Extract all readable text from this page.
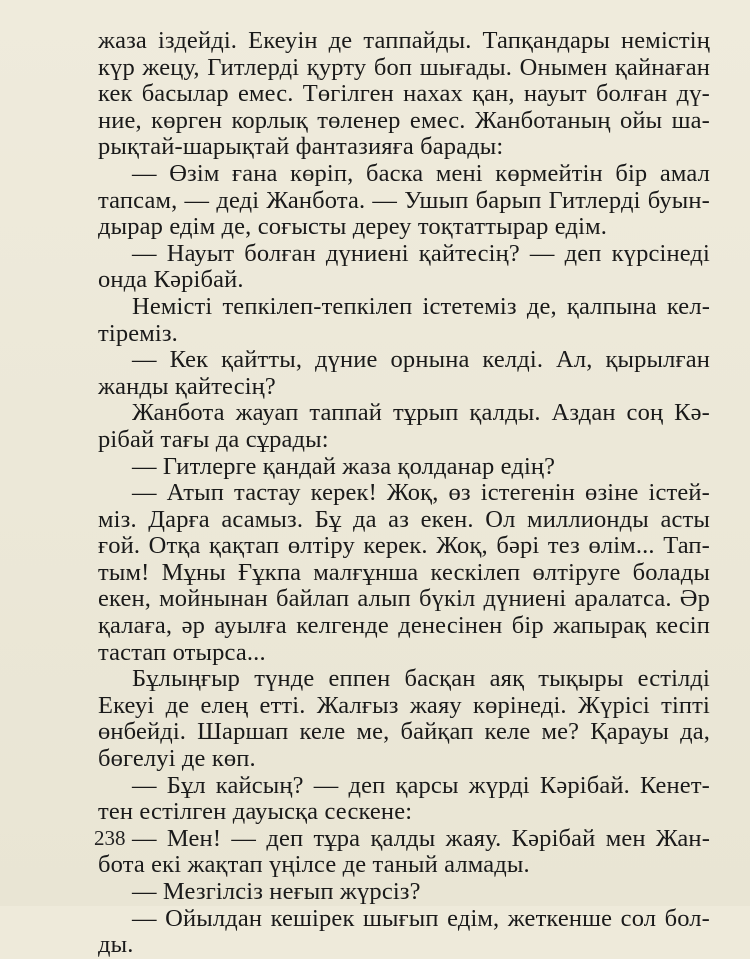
жаза іздейді. Екеуін де таппайды. Тапқандары немістің
күр жецу, Гитлерді қурту боп шығады. Онымен қайнаған
кек басылар емес. Төгілген нахах қан, науыт болған дү-
ние, көрген корлық төленер емес. Жанботаның ойы ша-
рықтай-шарықтай фантазияға барады:
— Өзім ғана көріп, баска мені көрмейтін бір амал
тапсам, — деді Жанбота. — Ушып барып Гитлерді буын-
дырар едім де, соғысты дереу тоқтаттырар едім.
— Науыт болған дүниені қайтесің? — деп күрсінеді
онда Кәрібай.
Немісті тепкілеп-тепкілеп істетеміз де, қалпына кел-
тіреміз.
— Кек қайтты, дүние орнына келді. Ал, қырылған
жанды қайтесің?
Жанбота жауап таппай тұрып қалды. Аздан соң Кә-
рібай тағы да сұрады:
— Гитлерге қандай жаза қолданар едің?
— Атып тастау керек! Жоқ, өз істегенін өзіне істей-
міз. Дарға асамыз. Бұ да аз екен. Ол миллионды асты
ғой. Отқа қақтап өлтіру керек. Жоқ, бәрі тез өлім... Тап-
тым! Мұны Ғұкпа малғұнша кескілеп өлтіруге болады
екен, мойнынан байлап алып бүкіл дүниені аралатса. Әр
қалаға, әр ауылға келгенде денесінен бір жапырақ кесіп
тастап отырса...
Бұлыңғыр түнде еппен басқан аяқ тықыры естілді
Екеуі де елең етті. Жалғыз жаяу көрінеді. Жүрісі тіпті
өнбейді. Шаршап келе ме, байқап келе ме? Қарауы да,
бөгелуі де көп.
— Бұл кайсың? — деп қарсы жүрді Кәрібай. Кенет-
тен естілген дауысқа сескене:
— Мен! — деп тұра қалды жаяу. Кәрібай мен Жан-
бота екі жақтап үңілсе де таный алмады.
— Мезгілсіз неғып жүрсіз?
— Ойылдан кешірек шығып едім, жеткенше сол бол-
ды.
238
